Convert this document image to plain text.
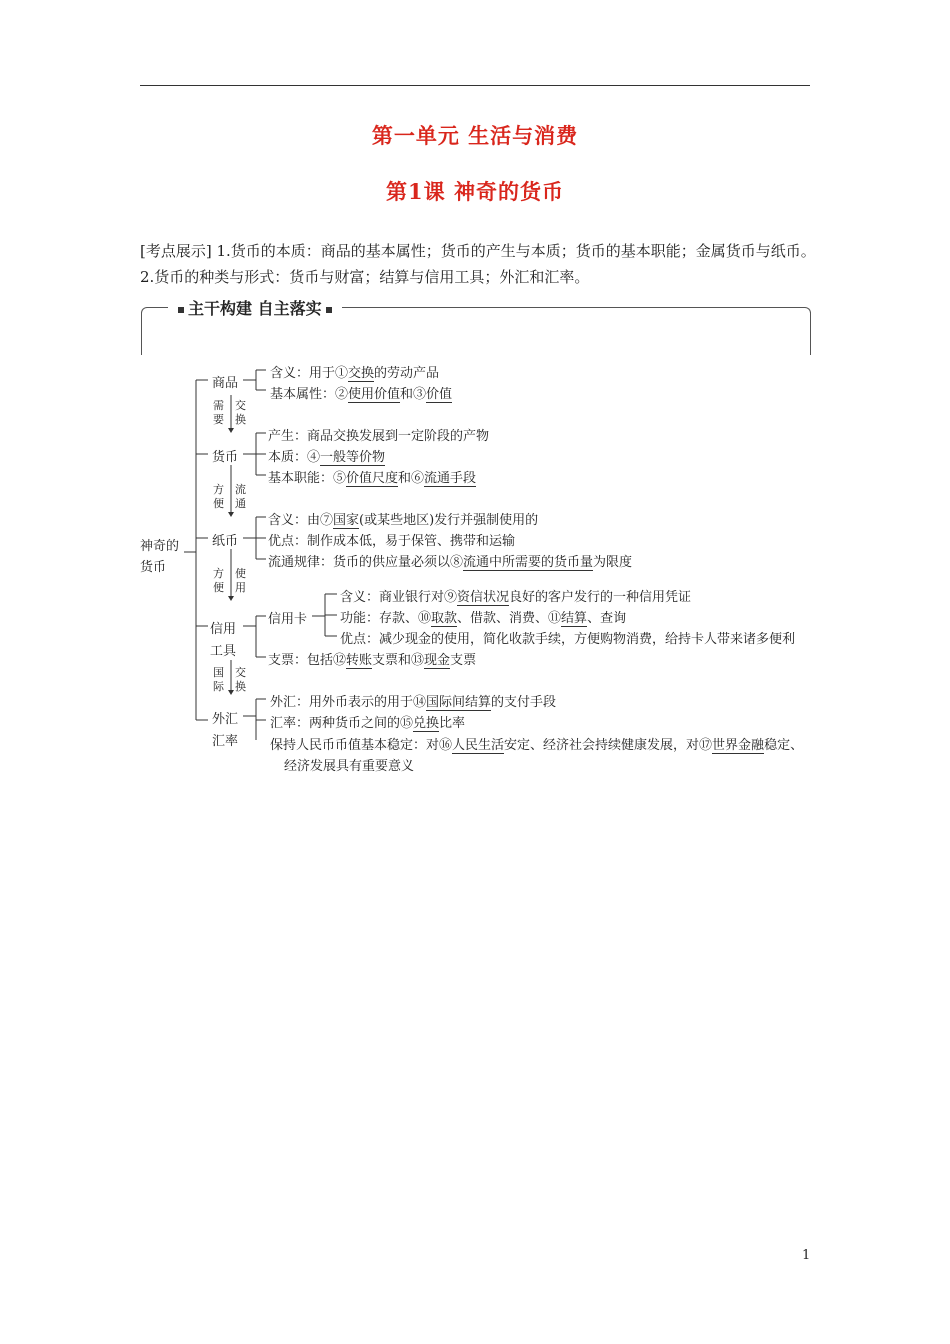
第一单元 生活与消费
第1课 神奇的货币
[考点展示] 1.货币的本质：商品的基本属性；货币的产生与本质；货币的基本职能；金属货币与纸币。2.货币的种类与形式：货币与财富；结算与信用工具；外汇和汇率。
主干构建 自主落实
神奇的
货币
商品
货币
纸币
信用
工具
外汇
汇率
需
要
交
换
方
便
流
通
方
便
使
用
国
际
交
换
含义：用于①交换的劳动产品
基本属性：②使用价值和③价值
产生：商品交换发展到一定阶段的产物
本质：④一般等价物
基本职能：⑤价值尺度和⑥流通手段
含义：由⑦国家(或某些地区)发行并强制使用的
优点：制作成本低，易于保管、携带和运输
流通规律：货币的供应量必须以⑧流通中所需要的货币量为限度
信用卡
含义：商业银行对⑨资信状况良好的客户发行的一种信用凭证
功能：存款、⑩取款、借款、消费、⑪结算、查询
优点：减少现金的使用，简化收款手续，方便购物消费，给持卡人带来诸多便利
支票：包括⑫转账支票和⑬现金支票
外汇：用外币表示的用于⑭国际间结算的支付手段
汇率：两种货币之间的⑮兑换比率
保持人民币币值基本稳定：对⑯人民生活安定、经济社会持续健康发展，对⑰世界金融稳定、
经济发展具有重要意义
1
